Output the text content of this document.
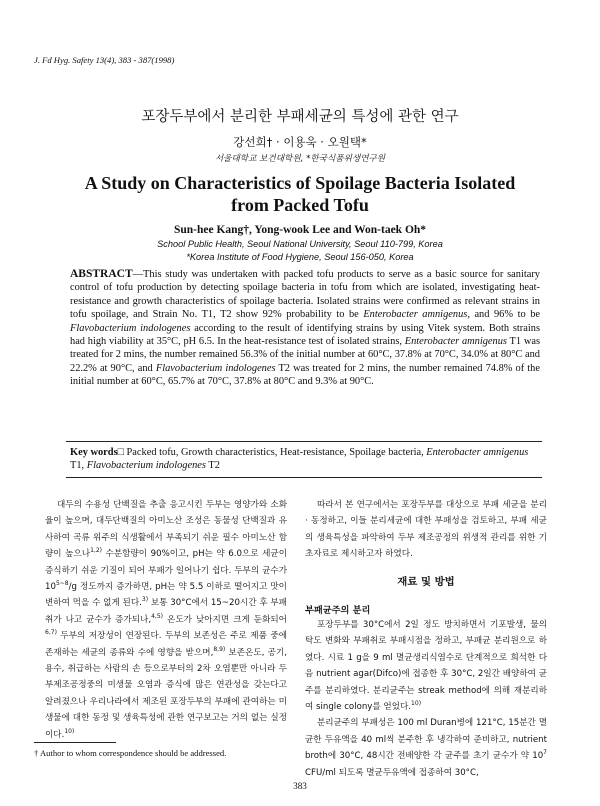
J. Fd Hyg. Safety 13(4), 383 - 387(1998)
포장두부에서 분리한 부패세균의 특성에 관한 연구
강선희† · 이용욱 · 오원택*
서울대학교 보건대학원, *한국식품위생연구원
A Study on Characteristics of Spoilage Bacteria Isolated
from Packed Tofu
Sun-hee Kang†, Yong-wook Lee and Won-taek Oh*
School Public Health, Seoul National University, Seoul 110-799, Korea
*Korea Institute of Food Hygiene, Seoul 156-050, Korea
ABSTRACT—This study was undertaken with packed tofu products to serve as a basic source for sanitary control of tofu production by detecting spoilage bacteria in tofu from which are isolated, investigating heat-resistance and growth characteristics of spoilage bacteria. Isolated strains were confirmed as relevant strains in tofu spoilage, and Strain No. T1, T2 show 92% probability to be Enterobacter amnigenus, and 96% to be Flavobacterium indologenes according to the result of identifying strains by using Vitek system. Both strains had high viability at 35°C, pH 6.5. In the heat-resistance test of isolated strains, Enterobacter amnigenus T1 was treated for 2 mins, the number remained 56.3% of the initial number at 60°C, 37.8% at 70°C, 34.0% at 80°C and 22.2% at 90°C, and Flavobacterium indologenes T2 was treated for 2 mins, the number remained 74.8% of the initial number at 60°C, 65.7% at 70°C, 37.8% at 80°C and 9.3% at 90°C.
Key words□ Packed tofu, Growth characteristics, Heat-resistance, Spoilage bacteria, Enterobacter amnigenus T1, Flavobacterium indologenes T2

대두의 수용성 단백질을 추출 응고시킨 두부는 영양가와 소화율이 높으며, 대두단백질의 아미노산 조성은 동물성 단백질과 유사하여 곡류 위주의 식생활에서 부족되기 쉬운 필수 아미노산 함량이 높으나$^{1,2)}$ 수분함량이 90%이고, pH는 약 6.0으로 세균이 증식하기 쉬운 기질이 되어 부패가 일어나기 쉽다. 두부의 균수가 $10^{5\sim 8}/g$ 정도까지 증가하면, pH는 약 5.5 이하로 떨어지고 맛이 변하여 먹을 수 없게 된다.$^{3)}$ 보통 30°C에서 15~20시간 후 부패취가 나고 균수가 증가되나,$^{4,5)}$ 온도가 낮아지면 크게 둔화되어$^{6,7)}$ 두부의 저장성이 연장된다. 두부의 보존성은 주로 제품 중에 존재하는 세균의 종류와 수에 영향을 받으며,$^{8,9)}$ 보존온도, 공기, 용수, 취급하는 사람의 손 등으로부터의 2차 오염뿐만 아니라 두부제조공정중의 미생물 오염과 증식에 많은 연관성을 갖는다고 알려졌으나 우리나라에서 제조된 포장두부의 부패에 관여하는 미생물에 대한 동정 및 생육특성에 관한 연구보고는 거의 없는 실정이다.$^{10)}$

따라서 본 연구에서는 포장두부를 대상으로 부패 세균을 분리 · 동정하고, 이들 분리세균에 대한 부패성을 검토하고, 부패 세균의 생육특성을 파악하여 두부 제조공정의 위생적 관리를 위한 기초자료로 제시하고자 하였다.

재료 및 방법
부패균주의 분리

포장두부를 30°C에서 2일 정도 방치하면서 기포발생, 물의 탁도 변화와 부패취로 부패시점을 정하고, 부패균 분리원으로 하였다. 시료 1 g을 9 ml 멸균생리식염수로 단계적으로 희석한 다음 nutrient agar(Difco)에 접종한 후 30°C, 2일간 배양하여 균주를 분리하였다. 분리균주는 streak method에 의해 재분리하여 single colony를 얻었다.$^{10)}$

분리균주의 부패성은 100 ml Duran병에 121°C, 15분간 멸균한 두유액을 40 ml씩 분주한 후 냉각하여 준비하고, nutrient broth에 30°C, 48시간 전배양한 각 균주를 초기 균수가 약 $10^7$ CFU/ml 되도록 멸균두유액에 접종하여 30°C,

† Author to whom correspondence should be addressed.
383
